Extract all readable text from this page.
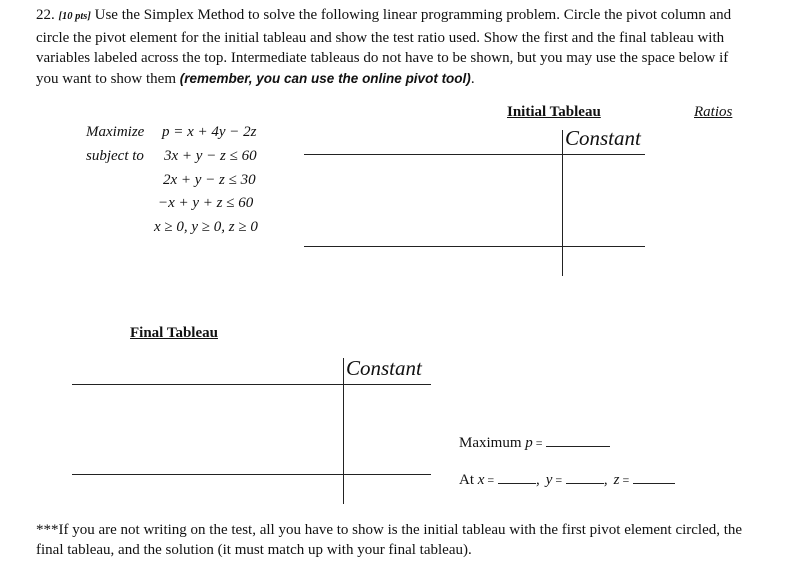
22. [10 pts] Use the Simplex Method to solve the following linear programming problem. Circle the pivot column and circle the pivot element for the initial tableau and show the test ratio used. Show the first and the final tableau with variables labeled across the top. Intermediate tableaus do not have to be shown, but you may use the space below if you want to show them (remember, you can use the online pivot tool).
Initial Tableau	Ratios
Maximize p = x + 4y − 2z
subject to 3x + y − z ≤ 60
2x + y − z ≤ 30
−x + y + z ≤ 60
x ≥ 0, y ≥ 0, z ≥ 0
Constant
Final Tableau
Constant
Maximum p =
At x =	, y =	, z =
***If you are not writing on the test, all you have to show is the initial tableau with the first pivot element circled, the final tableau, and the solution (it must match up with your final tableau).
